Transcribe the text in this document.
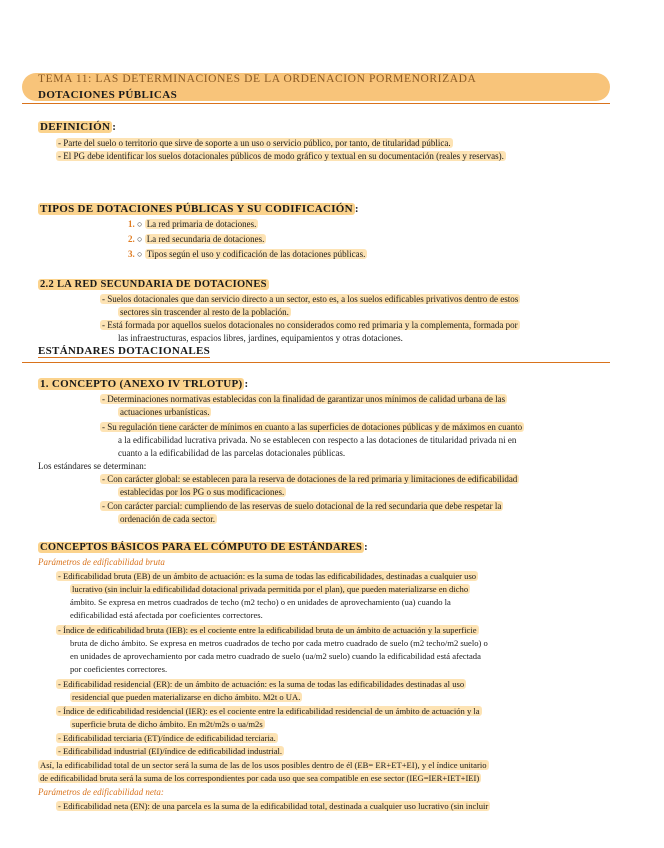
TEMA 11: LAS DETERMINACIONES DE LA ORDENACION PORMENORIZADA
DOTACIONES PÚBLICAS
DEFINICIÓN :
- Parte del suelo o territorio que sirve de soporte a un uso o servicio público, por tanto, de titularidad pública.
- El PG debe identificar los suelos dotacionales públicos de modo gráfico y textual en su documentación (reales y reservas).
TIPOS DE DOTACIONES PÚBLICAS Y SU CODIFICACIÓN :
1. ○ La red primaria de dotaciones.
2. ○ La red secundaria de dotaciones.
3. ○ Tipos según el uso y codificación de las dotaciones públicas.
2.2 LA RED SECUNDARIA DE DOTACIONES
- Suelos dotacionales que dan servicio directo a un sector, esto es, a los suelos edificables privativos dentro de estos
sectores sin trascender al resto de la población.
- Está formada por aquellos suelos dotacionales no considerados como red primaria y la complementa, formada por
las infraestructuras, espacios libres, jardines, equipamientos y otras dotaciones.
ESTÁNDARES DOTACIONALES
1. CONCEPTO (ANEXO IV TRLOTUP) :
- Determinaciones normativas establecidas con la finalidad de garantizar unos mínimos de calidad urbana de las
actuaciones urbanísticas.
- Su regulación tiene carácter de mínimos en cuanto a las superficies de dotaciones públicas y de máximos en cuanto
a la edificabilidad lucrativa privada. No se establecen con respecto a las dotaciones de titularidad privada ni en
cuanto a la edificabilidad de las parcelas dotacionales públicas.
Los estándares se determinan:
- Con carácter global: se establecen para la reserva de dotaciones de la red primaria y limitaciones de edificabilidad
establecidas por los PG o sus modificaciones.
- Con carácter parcial: cumpliendo de las reservas de suelo dotacional de la red secundaria que debe respetar la
ordenación de cada sector.
CONCEPTOS BÁSICOS PARA EL CÓMPUTO DE ESTÁNDARES :
Parámetros de edificabilidad bruta
- Edificabilidad bruta (EB) de un ámbito de actuación: es la suma de todas las edificabilidades, destinadas a cualquier uso
lucrativo (sin incluir la edificabilidad dotacional privada permitida por el plan), que pueden materializarse en dicho
ámbito. Se expresa en metros cuadrados de techo (m2 techo) o en unidades de aprovechamiento (ua) cuando la
edificabilidad está afectada por coeficientes correctores.
- Índice de edificabilidad bruta (IEB): es el cociente entre la edificabilidad bruta de un ámbito de actuación y la superficie
bruta de dicho ámbito. Se expresa en metros cuadrados de techo por cada metro cuadrado de suelo (m2 techo/m2 suelo) o
en unidades de aprovechamiento por cada metro cuadrado de suelo (ua/m2 suelo) cuando la edificabilidad está afectada
por coeficientes correctores.
- Edificabilidad residencial (ER): de un ámbito de actuación: es la suma de todas las edificabilidades destinadas al uso
residencial que pueden materializarse en dicho ámbito. M2t o UA.
- Índice de edificabilidad residencial (IER): es el cociente entre la edificabilidad residencial de un ámbito de actuación y la
superficie bruta de dicho ámbito. En m2t/m2s o ua/m2s
- Edificabilidad terciaria (ET)/índice de edificabilidad terciaria.
- Edificabilidad industrial (EI)/índice de edificabilidad industrial.
Así, la edificabilidad total de un sector será la suma de las de los usos posibles dentro de él (EB= ER+ET+EI), y el índice unitario
de edificabilidad bruta será la suma de los correspondientes por cada uso que sea compatible en ese sector (IEG=IER+IET+IEI)
Parámetros de edificabilidad neta:
- Edificabilidad neta (EN): de una parcela es la suma de la edificabilidad total, destinada a cualquier uso lucrativo (sin incluir
